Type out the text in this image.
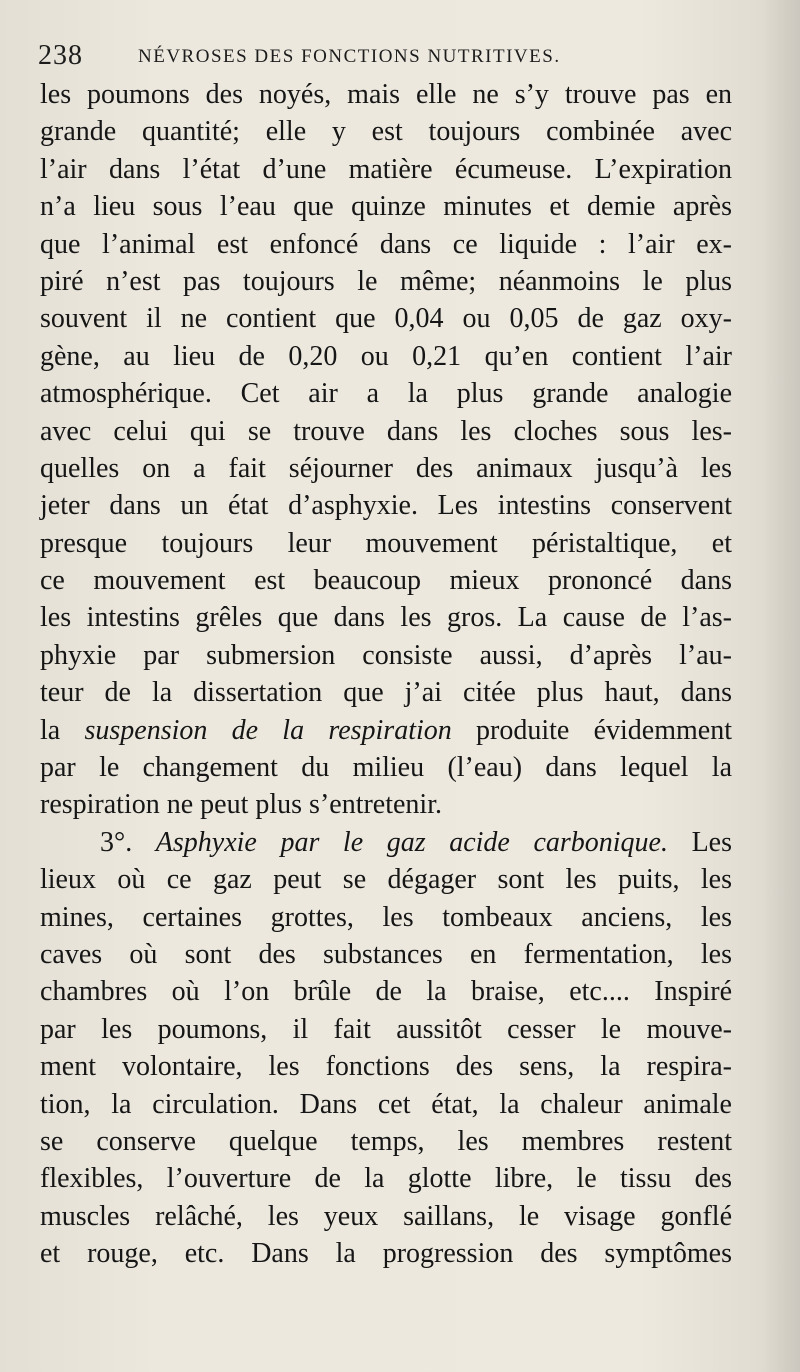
238	NÉVROSES DES FONCTIONS NUTRITIVES.
les poumons des noyés, mais elle ne s’y trouve pas en
grande quantité; elle y est toujours combinée avec
l’air dans l’état d’une matière écumeuse. L’expiration
n’a lieu sous l’eau que quinze minutes et demie après
que l’animal est enfoncé dans ce liquide : l’air ex-
piré n’est pas toujours le même; néanmoins le plus
souvent il ne contient que 0,04 ou 0,05 de gaz oxy-
gène, au lieu de 0,20 ou 0,21 qu’en contient l’air
atmosphérique. Cet air a la plus grande analogie
avec celui qui se trouve dans les cloches sous les-
quelles on a fait séjourner des animaux jusqu’à les
jeter dans un état d’asphyxie. Les intestins conservent
presque toujours leur mouvement péristaltique, et
ce mouvement est beaucoup mieux prononcé dans
les intestins grêles que dans les gros. La cause de l’as-
phyxie par submersion consiste aussi, d’après l’au-
teur de la dissertation que j’ai citée plus haut, dans
la suspension de la respiration produite évidemment
par le changement du milieu (l’eau) dans lequel la
respiration ne peut plus s’entretenir.
3°. Asphyxie par le gaz acide carbonique. Les
lieux où ce gaz peut se dégager sont les puits, les
mines, certaines grottes, les tombeaux anciens, les
caves où sont des substances en fermentation, les
chambres où l’on brûle de la braise, etc.... Inspiré
par les poumons, il fait aussitôt cesser le mouve-
ment volontaire, les fonctions des sens, la respira-
tion, la circulation. Dans cet état, la chaleur animale
se conserve quelque temps, les membres restent
flexibles, l’ouverture de la glotte libre, le tissu des
muscles relâché, les yeux saillans, le visage gonflé
et rouge, etc. Dans la progression des symptômes
